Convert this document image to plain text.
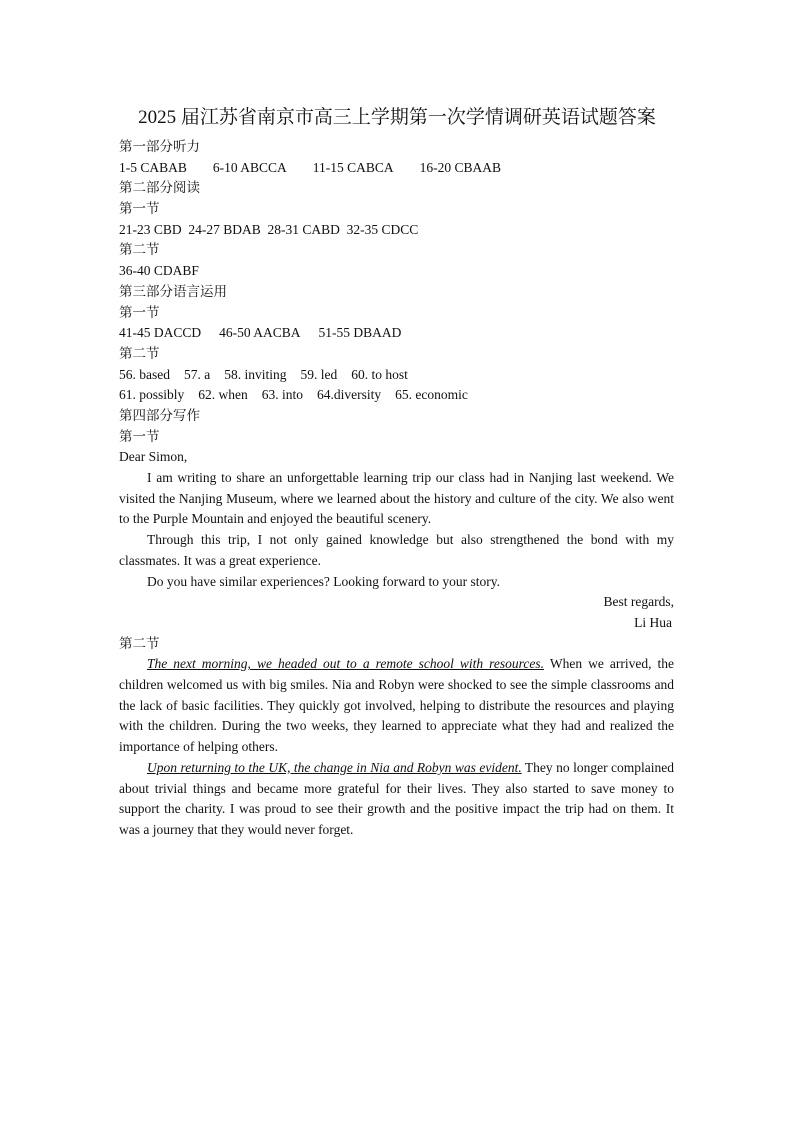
2025 届江苏省南京市高三上学期第一次学情调研英语试题答案
第一部分听力
1-5 CABAB 6-10 ABCCA 11-15 CABCA 16-20 CBAAB
第二部分阅读
第一节
21-23 CBD  24-27 BDAB  28-31 CABD  32-35 CDCC
第二节
36-40 CDABF
第三部分语言运用
第一节
41-45 DACCD 46-50 AACBA 51-55 DBAAD
第二节
56. based 57. a 58. inviting 59. led 60. to host
61. possibly 62. when 63. into 64.diversity 65. economic
第四部分写作
第一节
Dear Simon,
I am writing to share an unforgettable learning trip our class had in Nanjing last weekend. We visited the Nanjing Museum, where we learned about the history and culture of the city. We also went to the Purple Mountain and enjoyed the beautiful scenery.
Through this trip, I not only gained knowledge but also strengthened the bond with my classmates. It was a great experience.
Do you have similar experiences? Looking forward to your story.
Best regards,
Li Hua
第二节
The next morning, we headed out to a remote school with resources. When we arrived, the children welcomed us with big smiles. Nia and Robyn were shocked to see the simple classrooms and the lack of basic facilities. They quickly got involved, helping to distribute the resources and playing with the children. During the two weeks, they learned to appreciate what they had and realized the importance of helping others.
Upon returning to the UK, the change in Nia and Robyn was evident. They no longer complained about trivial things and became more grateful for their lives. They also started to save money to support the charity. I was proud to see their growth and the positive impact the trip had on them. It was a journey that they would never forget.
